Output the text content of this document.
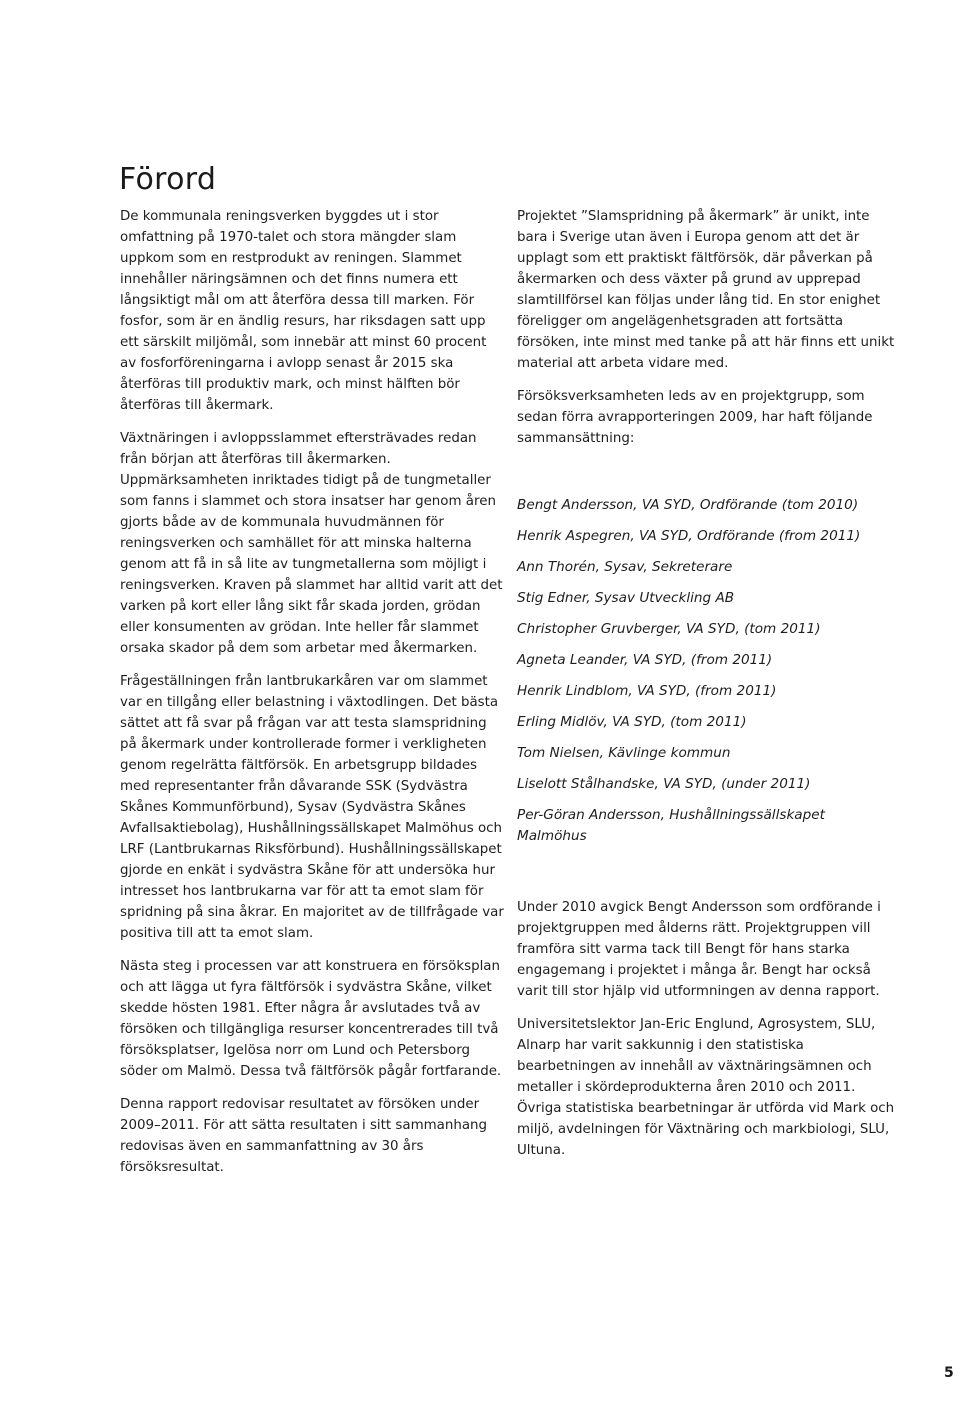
Förord

De kommunala reningsverken byggdes ut i stor omfattning på 1970-talet och stora mängder slam uppkom som en restprodukt av reningen. Slammet innehåller näringsämnen och det finns numera ett långsiktigt mål om att återföra dessa till marken. För fosfor, som är en ändlig resurs, har riksdagen satt upp ett särskilt miljömål, som innebär att minst 60 procent av fosforföreningarna i avlopp senast år 2015 ska återföras till produktiv mark, och minst hälften bör återföras till åkermark.

Växtnäringen i avloppsslammet eftersträvades redan från början att återföras till åkermarken. Uppmärksamheten inriktades tidigt på de tungmetaller som fanns i slammet och stora insatser har genom åren gjorts både av de kommunala huvudmännen för reningsverken och samhället för att minska halterna genom att få in så lite av tungmetallerna som möjligt i reningsverken. Kraven på slammet har alltid varit att det varken på kort eller lång sikt får skada jorden, grödan eller konsumenten av grödan. Inte heller får slammet orsaka skador på dem som arbetar med åkermarken.

Frågeställningen från lantbrukarkåren var om slammet var en tillgång eller belastning i växtodlingen. Det bästa sättet att få svar på frågan var att testa slamspridning på åkermark under kontrollerade former i verkligheten genom regelrätta fältförsök. En arbetsgrupp bildades med representanter från dåvarande SSK (Sydvästra Skånes Kommunförbund), Sysav (Sydvästra Skånes Avfallsaktiebolag), Hushållningssällskapet Malmöhus och LRF (Lantbrukarnas Riksförbund). Hushållningssällskapet gjorde en enkät i sydvästra Skåne för att undersöka hur intresset hos lantbrukarna var för att ta emot slam för spridning på sina åkrar. En majoritet av de tillfrågade var positiva till att ta emot slam.

Nästa steg i processen var att konstruera en försöksplan och att lägga ut fyra fältförsök i sydvästra Skåne, vilket skedde hösten 1981. Efter några år avslutades två av försöken och tillgängliga resurser koncentrerades till två försöksplatser, Igelösa norr om Lund och Petersborg söder om Malmö. Dessa två fältförsök pågår fortfarande.

Denna rapport redovisar resultatet av försöken under 2009–2011. För att sätta resultaten i sitt sammanhang redovisas även en sammanfattning av 30 års försöksresultat.

Projektet ”Slamspridning på åkermark” är unikt, inte bara i Sverige utan även i Europa genom att det är upplagt som ett praktiskt fältförsök, där påverkan på åkermarken och dess växter på grund av upprepad slamtillförsel kan följas under lång tid. En stor enighet föreligger om angelägenhetsgraden att fortsätta försöken, inte minst med tanke på att här finns ett unikt material att arbeta vidare med.

Försöksverksamheten leds av en projektgrupp, som sedan förra avrapporteringen 2009, har haft följande sammansättning:

Bengt Andersson, VA SYD, Ordförande (tom 2010)
Henrik Aspegren, VA SYD, Ordförande (from 2011)
Ann Thorén, Sysav, Sekreterare
Stig Edner, Sysav Utveckling AB
Christopher Gruvberger, VA SYD, (tom 2011)
Agneta Leander, VA SYD, (from 2011)
Henrik Lindblom, VA SYD, (from 2011)
Erling Midlöv, VA SYD, (tom 2011)
Tom Nielsen, Kävlinge kommun
Liselott Stålhandske, VA SYD, (under 2011)
Per-Göran Andersson, Hushållningssällskapet Malmöhus

Under 2010 avgick Bengt Andersson som ordförande i projektgruppen med ålderns rätt. Projektgruppen vill framföra sitt varma tack till Bengt för hans starka engagemang i projektet i många år. Bengt har också varit till stor hjälp vid utformningen av denna rapport.

Universitetslektor Jan-Eric Englund, Agrosystem, SLU, Alnarp har varit sakkunnig i den statistiska bearbetningen av innehåll av växtnäringsämnen och metaller i skördeprodukterna åren 2010 och 2011. Övriga statistiska bearbetningar är utförda vid Mark och miljö, avdelningen för Växtnäring och markbiologi, SLU, Ultuna.

5
